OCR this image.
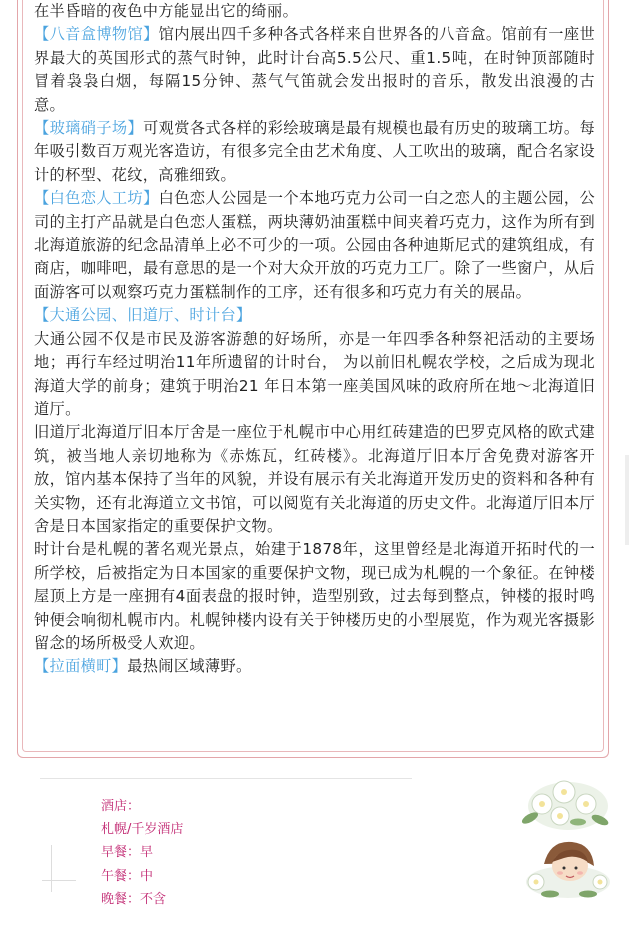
在半昏暗的夜色中方能显出它的绮丽。

【八音盒博物馆】馆内展出四千多种各式各样来自世界各的八音盒。馆前有一座世界最大的英国形式的蒸气时钟，此时计台高5.5公尺、重1.5吨，在时钟顶部随时冒着袅袅白烟，每隔15分钟、蒸气气笛就会发出报时的音乐，散发出浪漫的古意。

【玻璃硝子场】可观赏各式各样的彩绘玻璃是最有规模也最有历史的玻璃工坊。每年吸引数百万观光客造访，有很多完全由艺术角度、人工吹出的玻璃，配合名家设计的杯型、花纹，高雅细致。

【白色恋人工坊】白色恋人公园是一个本地巧克力公司一白之恋人的主题公园，公司的主打产品就是白色恋人蛋糕，两块薄奶油蛋糕中间夹着巧克力，这作为所有到北海道旅游的纪念品清单上必不可少的一项。公园由各种迪斯尼式的建筑组成，有商店，咖啡吧，最有意思的是一个对大众开放的巧克力工厂。除了一些窗户，从后面游客可以观察巧克力蛋糕制作的工序，还有很多和巧克力有关的展品。

【大通公园、旧道厅、时计台】

大通公园不仅是市民及游客游憩的好场所，亦是一年四季各种祭祀活动的主要场地；再行车经过明治11年所遗留的计时台， 为以前旧札幌农学校，之后成为现北海道大学的前身；建筑于明治21 年日本第一座美国风味的政府所在地～北海道旧道厅。

旧道厅北海道厅旧本厅舍是一座位于札幌市中心用红砖建造的巴罗克风格的欧式建筑，被当地人亲切地称为《赤炼瓦，红砖楼》。北海道厅旧本厅舍免费对游客开放，馆内基本保持了当年的风貌，并设有展示有关北海道开发历史的资料和各种有关实物，还有北海道立文书馆，可以阅览有关北海道的历史文件。北海道厅旧本厅舍是日本国家指定的重要保护文物。

时计台是札幌的著名观光景点，始建于1878年，这里曾经是北海道开拓时代的一所学校，后被指定为日本国家的重要保护文物，现已成为札幌的一个象征。在钟楼屋顶上方是一座拥有4面表盘的报时钟，造型别致，过去每到整点，钟楼的报时鸣钟便会响彻札幌市内。札幌钟楼内设有关于钟楼历史的小型展览，作为观光客摄影留念的场所极受人欢迎。

【拉面横町】最热闹区域薄野。

酒店：
札幌/千岁酒店
早餐：早
午餐：中
晚餐：不含
